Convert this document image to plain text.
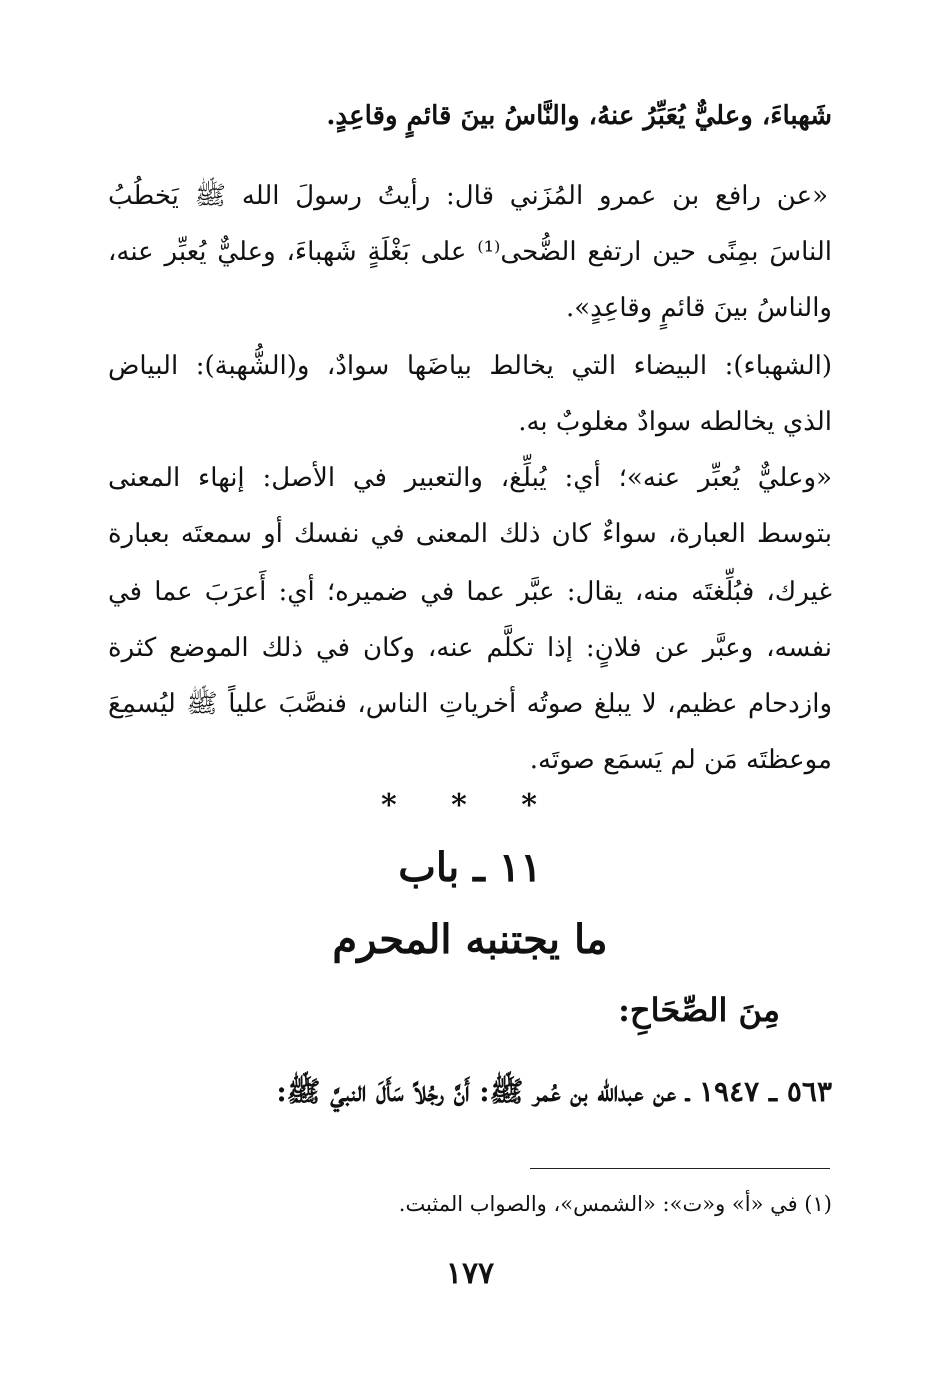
شَهباءَ، وعليٌّ يُعَبِّرُ عنهُ، والنَّاسُ بينَ قائمٍ وقاعِدٍ.
«عن رافع بن عمرو المُزَني قال: رأيتُ رسولَ الله ﷺ يَخطُبُ
الناسَ بمِنًى حين ارتفع الضُّحى⁽¹⁾ على بَغْلَةٍ شَهباءَ، وعليٌّ يُعبِّر عنه،
والناسُ بينَ قائمٍ وقاعِدٍ».
(الشهباء): البيضاء التي يخالط بياضَها سوادٌ، و(الشُّهبة): البياض
الذي يخالطه سوادٌ مغلوبٌ به.
«وعليٌّ يُعبِّر عنه»؛ أي: يُبلِّغ، والتعبير في الأصل: إنهاء المعنى
بتوسط العبارة، سواءٌ كان ذلك المعنى في نفسك أو سمعتَه بعبارة
غيرك، فبُلِّغتَه منه، يقال: عبَّر عما في ضميره؛ أي: أَعرَبَ عما في
نفسه، وعبَّر عن فلانٍ: إذا تكلَّم عنه، وكان في ذلك الموضع كثرة
وازدحام عظيم، لا يبلغ صوتُه أخرياتِ الناس، فنصَّبَ علياً ﷺ ليُسمِعَ
موعظتَه مَن لم يَسمَع صوتَه.
* * *
١١ ـ باب
ما يجتنبه المحرم
مِنَ الصِّحَاحِ:
٥٦٣ ـ ١٩٤٧ ـ عن عبدالله بن عُمر ﷺ: أَنَّ رجُلاً سَأَلَ النبيَّ ﷺ:
(١) في «أ» و«ت»: «الشمس»، والصواب المثبت.
١٧٧
